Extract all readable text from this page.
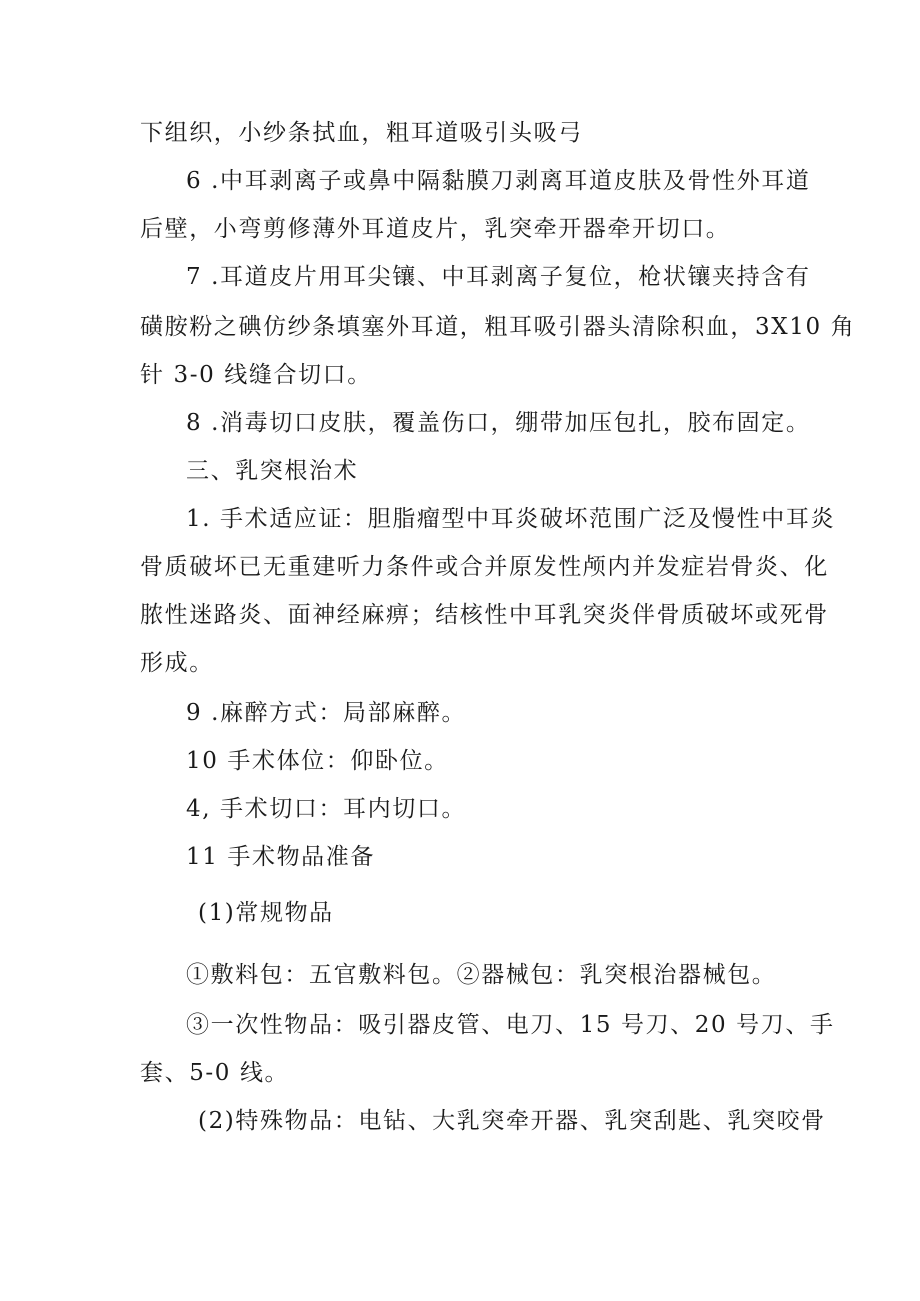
下组织，小纱条拭血，粗耳道吸引头吸弓
6 .中耳剥离子或鼻中隔黏膜刀剥离耳道皮肤及骨性外耳道
后壁，小弯剪修薄外耳道皮片，乳突牵开器牵开切口。
7 .耳道皮片用耳尖镶、中耳剥离子复位，枪状镶夹持含有
磺胺粉之碘仿纱条填塞外耳道，粗耳吸引器头清除积血，3X10 角
针 3-0 线缝合切口。
8 .消毒切口皮肤，覆盖伤口，绷带加压包扎，胶布固定。
三、乳突根治术
1. 手术适应证：胆脂瘤型中耳炎破坏范围广泛及慢性中耳炎
骨质破坏已无重建听力条件或合并原发性颅内并发症岩骨炎、化
脓性迷路炎、面神经麻痹；结核性中耳乳突炎伴骨质破坏或死骨
形成。
9 .麻醉方式：局部麻醉。
10 手术体位：仰卧位。
4, 手术切口：耳内切口。
11 手术物品准备
(1)常规物品
①敷料包：五官敷料包。②器械包：乳突根治器械包。
③一次性物品：吸引器皮管、电刀、15 号刀、20 号刀、手
套、5-0 线。
(2)特殊物品：电钻、大乳突牵开器、乳突刮匙、乳突咬骨
